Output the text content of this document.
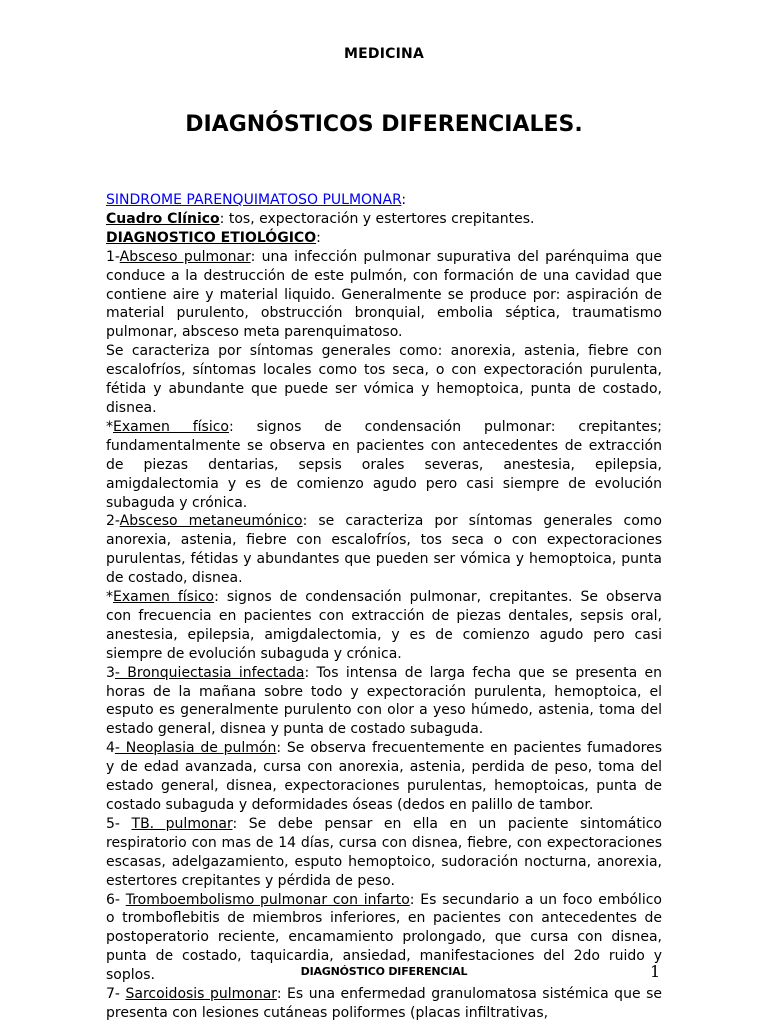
MEDICINA
DIAGNÓSTICOS DIFERENCIALES.

SINDROME PARENQUIMATOSO PULMONAR:

Cuadro Clínico: tos, expectoración y estertores crepitantes.

DIAGNOSTICO ETIOLÓGICO:

1-Absceso pulmonar: una infección pulmonar supurativa del parénquima que conduce a la destrucción de este pulmón, con formación de una cavidad que contiene aire y material liquido. Generalmente se produce por: aspiración de material purulento, obstrucción bronquial, embolia séptica, traumatismo pulmonar, absceso meta parenquimatoso.

Se caracteriza por síntomas generales como: anorexia, astenia, fiebre con escalofríos, síntomas locales como tos seca, o con expectoración purulenta, fétida y abundante que puede ser vómica y hemoptoica, punta de costado, disnea.

*Examen físico: signos de condensación pulmonar: crepitantes; fundamentalmente se observa en pacientes con antecedentes de extracción de piezas dentarias, sepsis orales severas, anestesia, epilepsia, amigdalectomia y es de comienzo agudo pero casi siempre de evolución subaguda y crónica.

2-Absceso metaneumónico: se caracteriza por síntomas generales como anorexia, astenia, fiebre con escalofríos, tos seca o con expectoraciones purulentas, fétidas y abundantes que pueden ser vómica y hemoptoica, punta de costado, disnea.

*Examen físico: signos de condensación pulmonar, crepitantes. Se observa con frecuencia en pacientes con extracción de piezas dentales, sepsis oral, anestesia, epilepsia, amigdalectomia, y es de comienzo agudo pero casi siempre de evolución subaguda y crónica.

3- Bronquiectasia infectada: Tos intensa de larga fecha que se presenta en horas de la mañana sobre todo y expectoración purulenta, hemoptoica, el esputo es generalmente purulento con olor a yeso húmedo, astenia, toma del estado general, disnea y punta de costado subaguda.

4- Neoplasia de pulmón: Se observa frecuentemente en pacientes fumadores y de edad avanzada, cursa con anorexia, astenia, perdida de peso, toma del estado general, disnea, expectoraciones purulentas, hemoptoicas, punta de costado subaguda y deformidades óseas (dedos en palillo de tambor.

5- TB. pulmonar: Se debe pensar en ella en un paciente sintomático respiratorio con mas de 14 días, cursa con disnea, fiebre, con expectoraciones escasas, adelgazamiento, esputo hemoptoico, sudoración nocturna, anorexia, estertores crepitantes y pérdida de peso.

6- Tromboembolismo pulmonar con infarto: Es secundario a un foco embólico o tromboflebitis de miembros inferiores, en pacientes con antecedentes de postoperatorio reciente, encamamiento prolongado, que cursa con disnea, punta de costado, taquicardia, ansiedad, manifestaciones del 2do ruido y soplos.

7- Sarcoidosis pulmonar: Es una enfermedad granulomatosa sistémica que se presenta con lesiones cutáneas poliformes (placas infiltrativas,

DIAGNÓSTICO DIFERENCIAL	1
